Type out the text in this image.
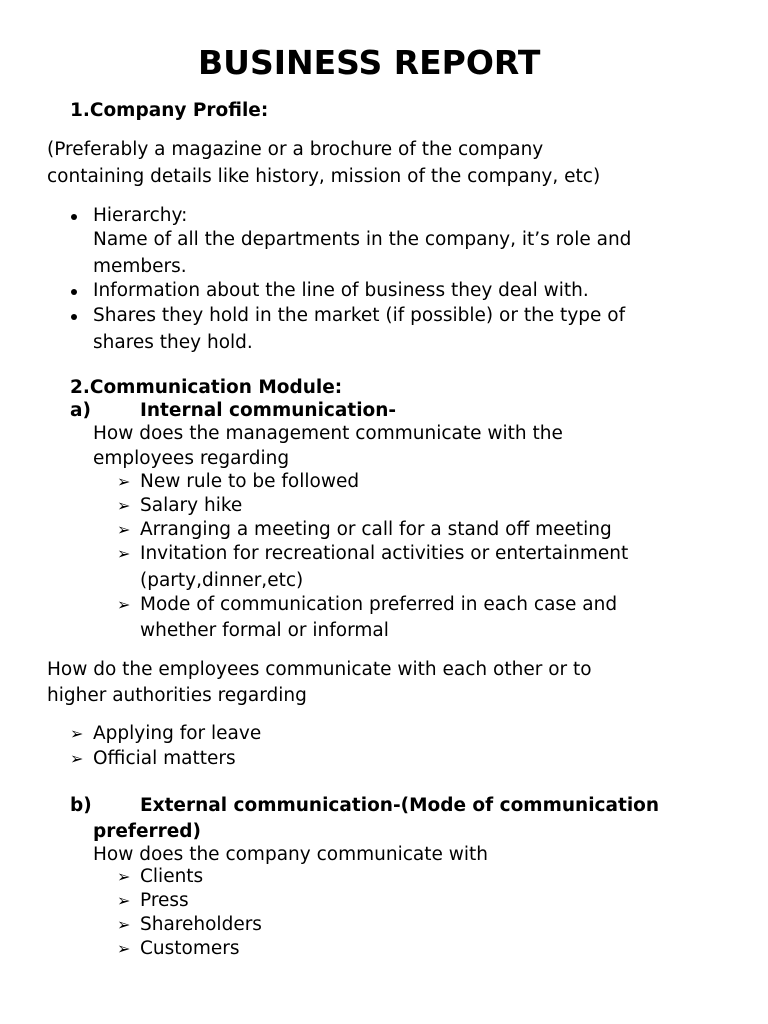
BUSINESS REPORT
1.Company Profile:
(Preferably a magazine or a brochure of the company
containing details like history, mission of the company, etc)
Hierarchy:
Name of all the departments in the company, it’s role and
members.
Information about the line of business they deal with.
Shares they hold in the market (if possible) or the type of
shares they hold.
2.Communication Module:
a)	Internal communication-
How does the management communicate with the
employees regarding
➢ New rule to be followed
➢ Salary hike
➢ Arranging a meeting or call for a stand off meeting
➢ Invitation for recreational activities or entertainment
(party,dinner,etc)
➢ Mode of communication preferred in each case and
whether formal or informal
How do the employees communicate with each other or to
higher authorities regarding
➢ Applying for leave
➢ Official matters
b)	External communication-(Mode of communication
preferred)
How does the company communicate with
➢ Clients
➢ Press
➢ Shareholders
➢ Customers
